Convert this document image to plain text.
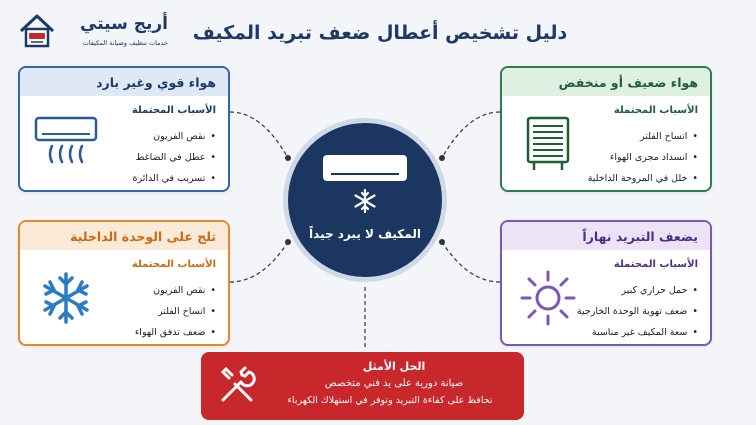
أريج سيتي
خدمات تنظيف وصيانة المكيفات	دليل تشخيص أعطال ضعف تبريد المكيف
هواء قوي وغير بارد
الأسباب المحتملة
• نقص الفريون
• عطل في الضاغط
• تسريب في الدائرة
هواء ضعيف أو منخفض
الأسباب المحتملة
• اتساخ الفلتر
• انسداد مجرى الهواء
• خلل في المروحة الداخلية
ثلج على الوحدة الداخلية
الأسباب المحتملة
• نقص الفريون
• اتساخ الفلتر
• ضعف تدفق الهواء
يضعف التبريد نهاراً
الأسباب المحتملة
• حمل حراري كبير
• ضعف تهوية الوحدة الخارجية
• سعة المكيف غير مناسبة
المكيف لا يبرد جيداً
الحل الأمثل
صيانة دورية على يد فني متخصص
تحافظ على كفاءة التبريد وتوفر في استهلاك الكهرباء
